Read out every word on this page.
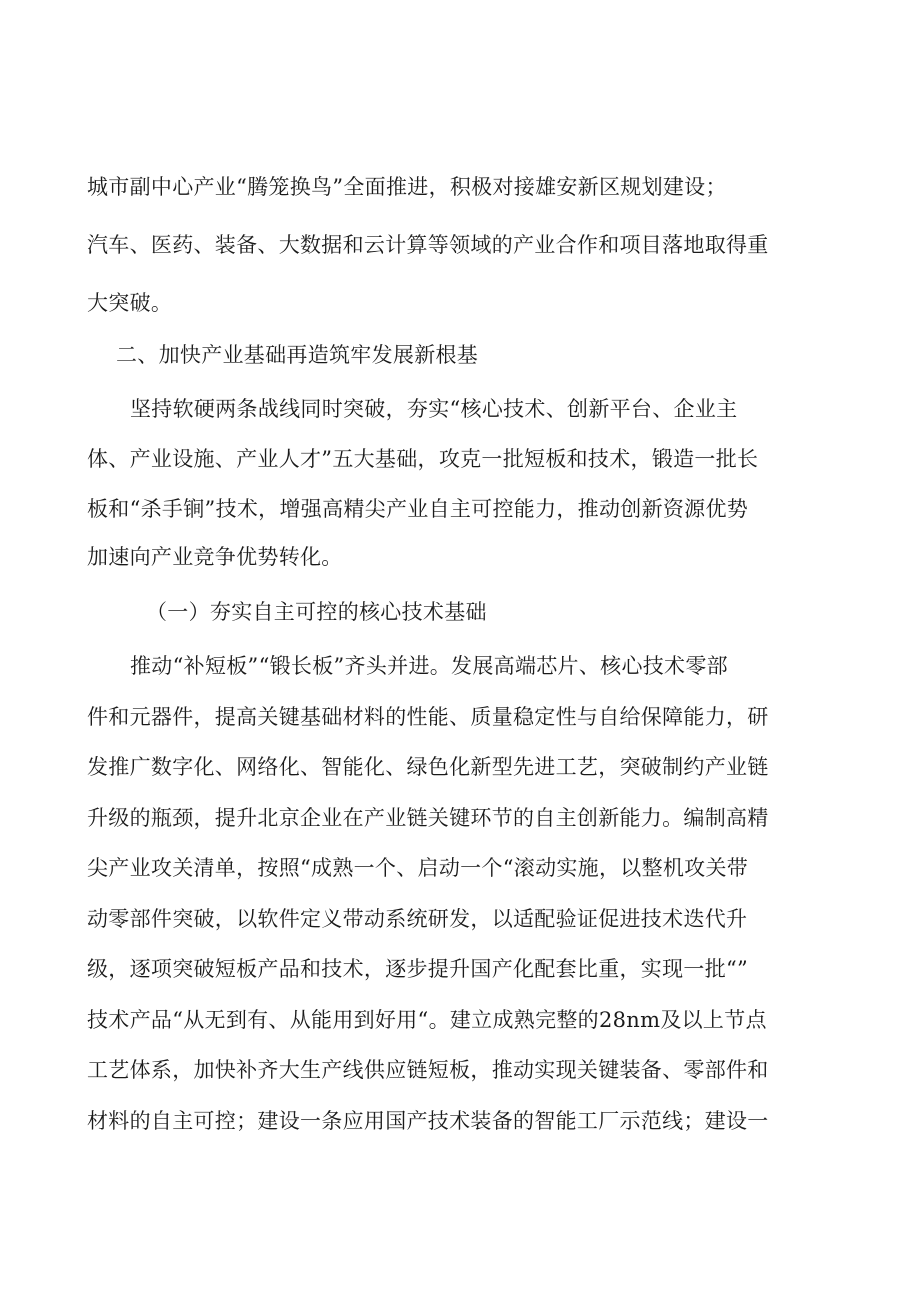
城市副中心产业“腾笼换鸟”全面推进，积极对接雄安新区规划建设；
汽车、医药、装备、大数据和云计算等领域的产业合作和项目落地取得重
大突破。
二、加快产业基础再造筑牢发展新根基
坚持软硬两条战线同时突破，夯实“核心技术、创新平台、企业主
体、产业设施、产业人才”五大基础，攻克一批短板和技术，锻造一批长
板和“杀手锏”技术，增强高精尖产业自主可控能力，推动创新资源优势
加速向产业竞争优势转化。
（一）夯实自主可控的核心技术基础
推动“补短板”“锻长板”齐头并进。发展高端芯片、核心技术零部
件和元器件，提高关键基础材料的性能、质量稳定性与自给保障能力，研
发推广数字化、网络化、智能化、绿色化新型先进工艺，突破制约产业链
升级的瓶颈，提升北京企业在产业链关键环节的自主创新能力。编制高精
尖产业攻关清单，按照“成熟一个、启动一个“滚动实施，以整机攻关带
动零部件突破，以软件定义带动系统研发，以适配验证促进技术迭代升
级，逐项突破短板产品和技术，逐步提升国产化配套比重，实现一批“”
技术产品“从无到有、从能用到好用“。建立成熟完整的28nm及以上节点
工艺体系，加快补齐大生产线供应链短板，推动实现关键装备、零部件和
材料的自主可控；建设一条应用国产技术装备的智能工厂示范线；建设一
